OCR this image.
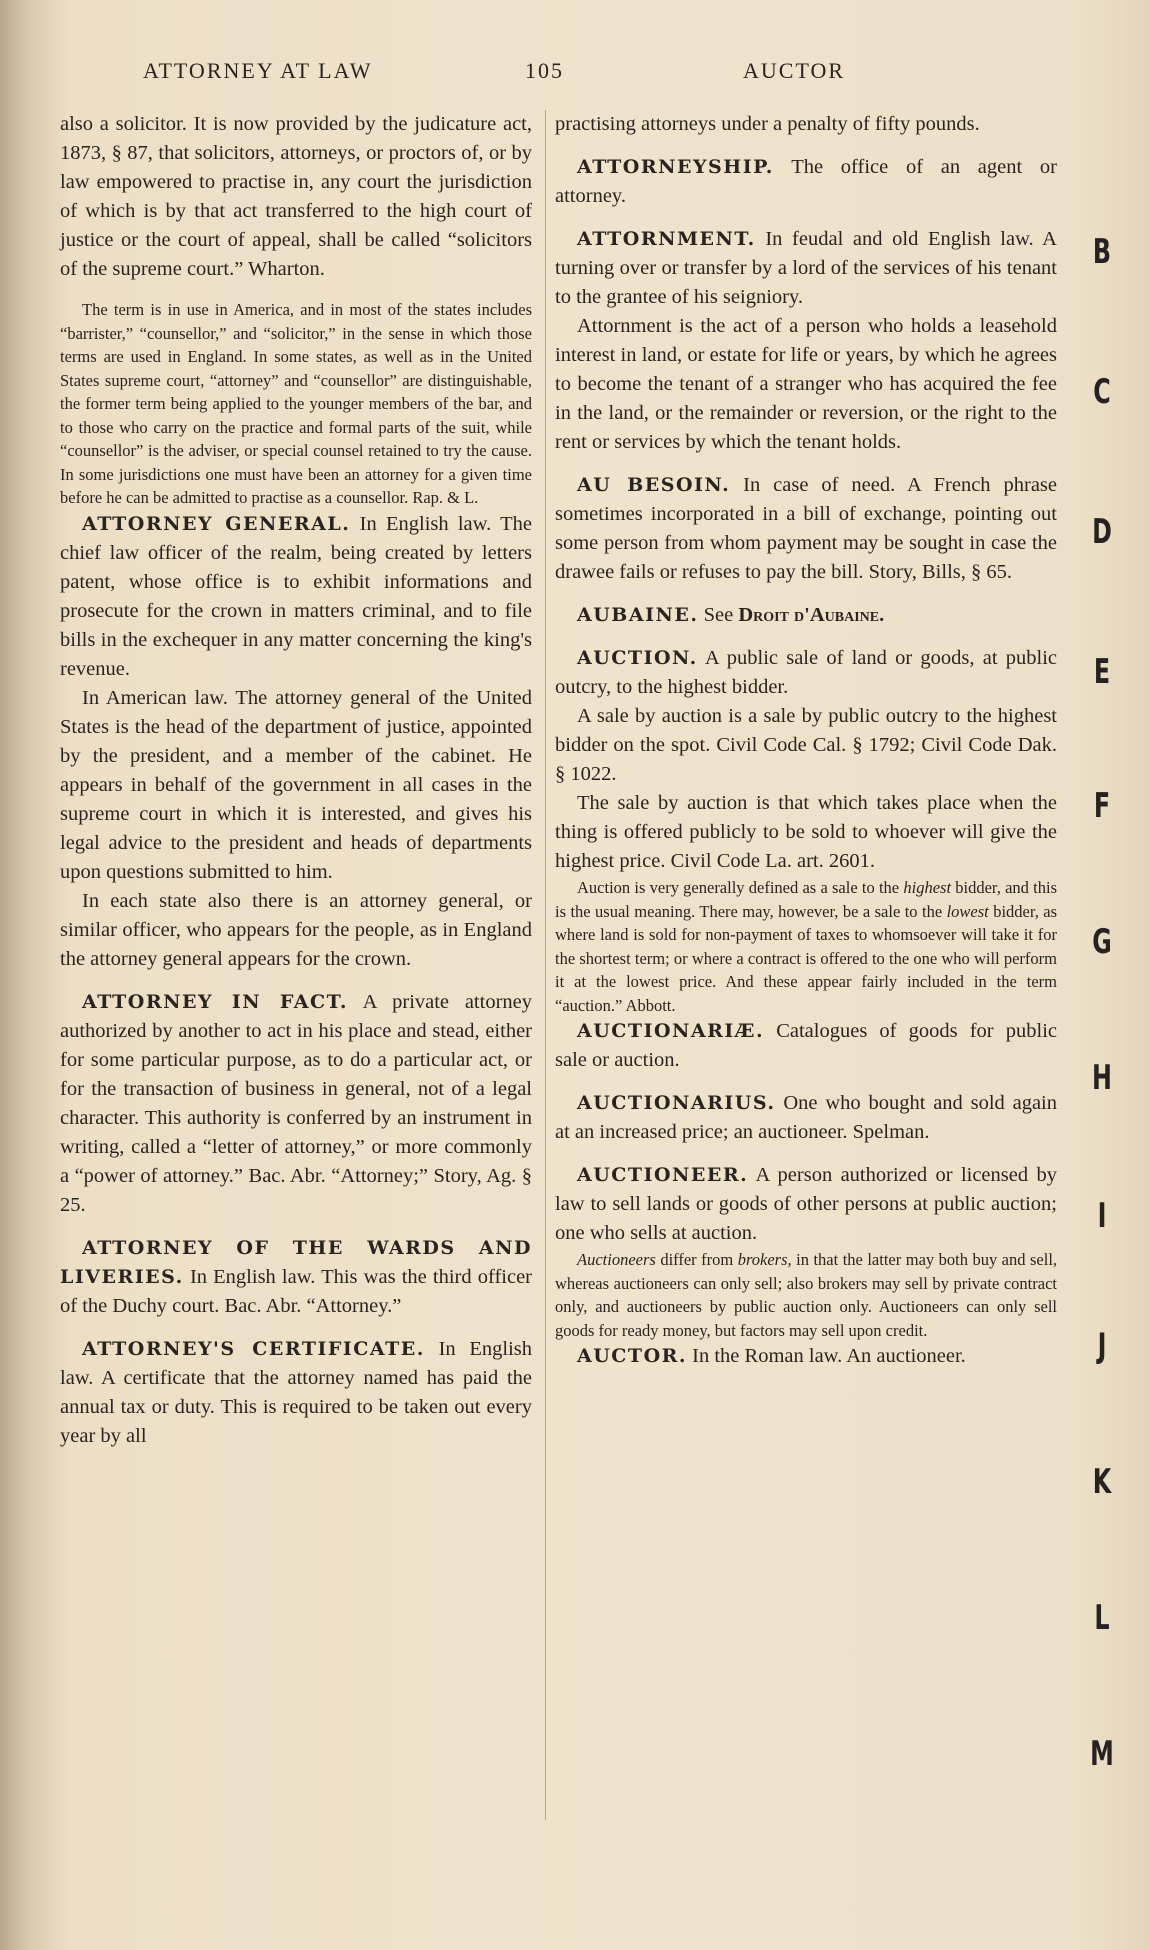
ATTORNEY AT LAW	105	AUCTOR

also a solicitor. It is now provided by the judicature act, 1873, § 87, that solicitors, attorneys, or proctors of, or by law empowered to practise in, any court the jurisdiction of which is by that act transferred to the high court of justice or the court of appeal, shall be called “solicitors of the supreme court.” Wharton.

The term is in use in America, and in most of the states includes “barrister,” “counsellor,” and “solicitor,” in the sense in which those terms are used in England. In some states, as well as in the United States supreme court, “attorney” and “counsellor” are distinguishable, the former term being applied to the younger members of the bar, and to those who carry on the practice and formal parts of the suit, while “counsellor” is the adviser, or special counsel retained to try the cause. In some jurisdictions one must have been an attorney for a given time before he can be admitted to practise as a counsellor. Rap. & L.

ATTORNEY GENERAL. In English law. The chief law officer of the realm, being created by letters patent, whose office is to exhibit informations and prosecute for the crown in matters criminal, and to file bills in the exchequer in any matter concerning the king's revenue.

In American law. The attorney general of the United States is the head of the department of justice, appointed by the president, and a member of the cabinet. He appears in behalf of the government in all cases in the supreme court in which it is interested, and gives his legal advice to the president and heads of departments upon questions submitted to him.

In each state also there is an attorney general, or similar officer, who appears for the people, as in England the attorney general appears for the crown.

ATTORNEY IN FACT. A private attorney authorized by another to act in his place and stead, either for some particular purpose, as to do a particular act, or for the transaction of business in general, not of a legal character. This authority is conferred by an instrument in writing, called a “letter of attorney,” or more commonly a “power of attorney.” Bac. Abr. “Attorney;” Story, Ag. § 25.

ATTORNEY OF THE WARDS AND LIVERIES. In English law. This was the third officer of the Duchy court. Bac. Abr. “Attorney.”

ATTORNEY'S CERTIFICATE. In English law. A certificate that the attorney named has paid the annual tax or duty. This is required to be taken out every year by all

practising attorneys under a penalty of fifty pounds.

ATTORNEYSHIP. The office of an agent or attorney.

ATTORNMENT. In feudal and old English law. A turning over or transfer by a lord of the services of his tenant to the grantee of his seigniory.

Attornment is the act of a person who holds a leasehold interest in land, or estate for life or years, by which he agrees to become the tenant of a stranger who has acquired the fee in the land, or the remainder or reversion, or the right to the rent or services by which the tenant holds.

AU BESOIN. In case of need. A French phrase sometimes incorporated in a bill of exchange, pointing out some person from whom payment may be sought in case the drawee fails or refuses to pay the bill. Story, Bills, § 65.

AUBAINE. See Droit d'Aubaine.

AUCTION. A public sale of land or goods, at public outcry, to the highest bidder.

A sale by auction is a sale by public outcry to the highest bidder on the spot. Civil Code Cal. § 1792; Civil Code Dak. § 1022.

The sale by auction is that which takes place when the thing is offered publicly to be sold to whoever will give the highest price. Civil Code La. art. 2601.

Auction is very generally defined as a sale to the highest bidder, and this is the usual meaning. There may, however, be a sale to the lowest bidder, as where land is sold for non-payment of taxes to whomsoever will take it for the shortest term; or where a contract is offered to the one who will perform it at the lowest price. And these appear fairly included in the term “auction.” Abbott.

AUCTIONARIÆ. Catalogues of goods for public sale or auction.

AUCTIONARIUS. One who bought and sold again at an increased price; an auctioneer. Spelman.

AUCTIONEER. A person authorized or licensed by law to sell lands or goods of other persons at public auction; one who sells at auction.

Auctioneers differ from brokers, in that the latter may both buy and sell, whereas auctioneers can only sell; also brokers may sell by private contract only, and auctioneers by public auction only. Auctioneers can only sell goods for ready money, but factors may sell upon credit.

AUCTOR. In the Roman law. An auctioneer.

B
C
D
E
F
G
H
I
J
K
L
M
